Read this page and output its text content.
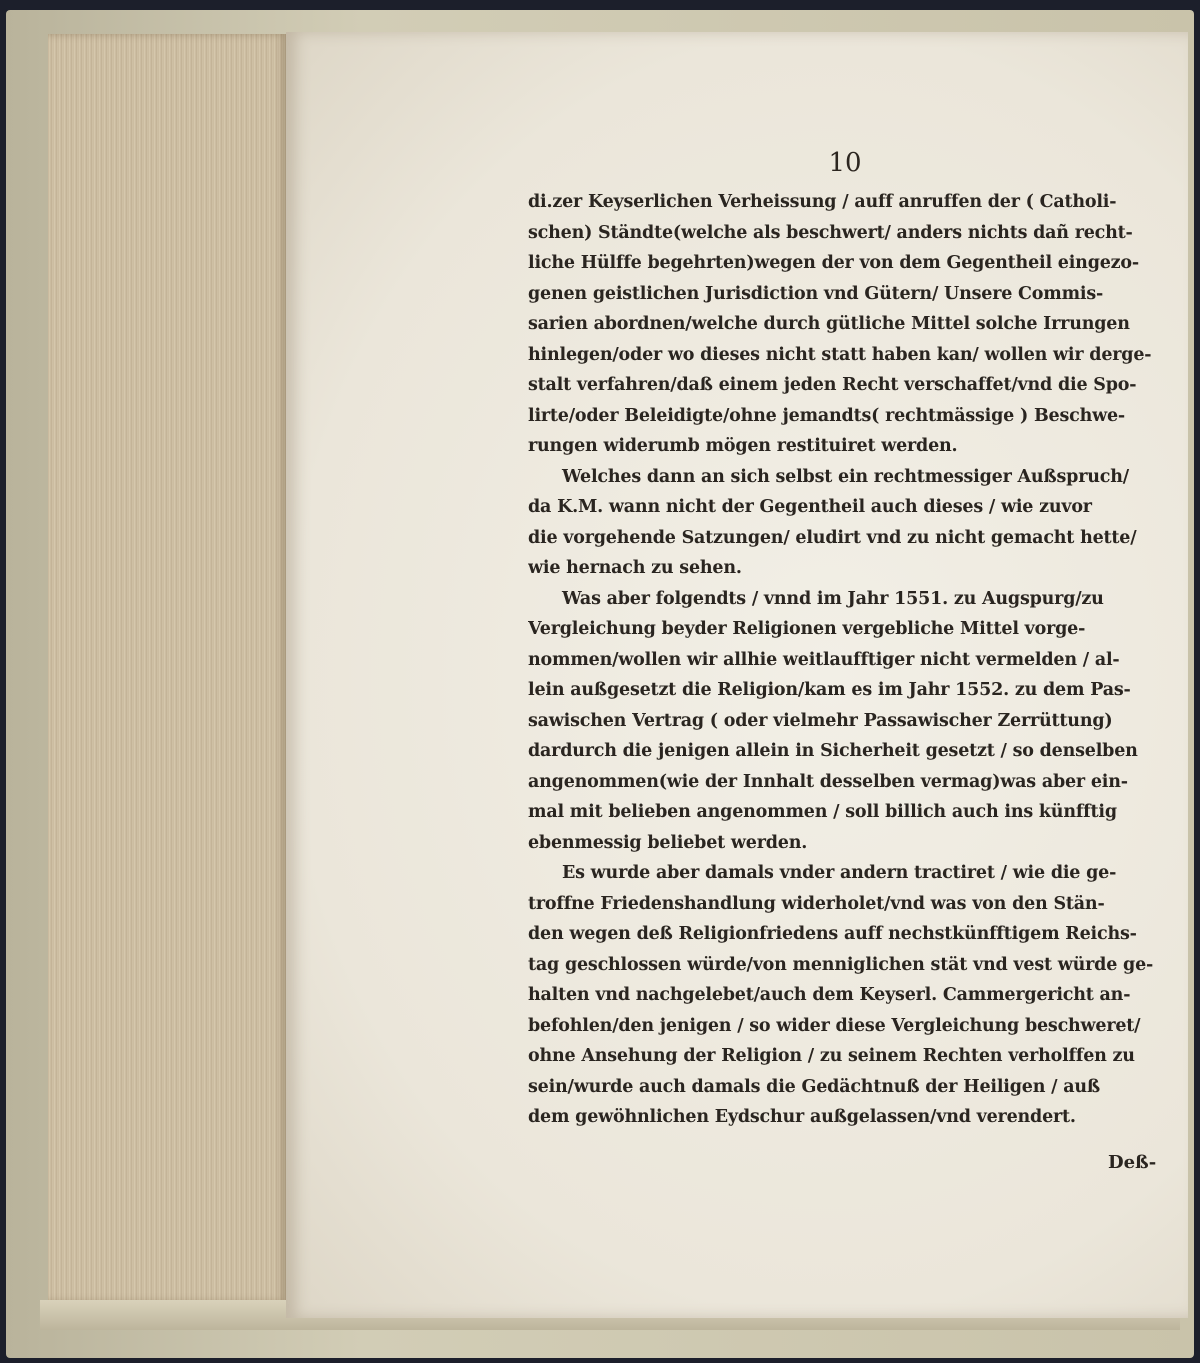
10
di.zer Keyserlichen Verheissung / auff anruffen der ( Catholi-
schen) Ständte(welche als beschwert/ anders nichts dañ recht-
liche Hülffe begehrten)wegen der von dem Gegentheil eingezo-
genen geistlichen Jurisdiction vnd Gütern/ Unsere Commis-
sarien abordnen/welche durch gütliche Mittel solche Irrungen
hinlegen/oder wo dieses nicht statt haben kan/ wollen wir derge-
stalt verfahren/daß einem jeden Recht verschaffet/vnd die Spo-
lirte/oder Beleidigte/ohne jemandts( rechtmässige ) Beschwe-
rungen widerumb mögen restituiret werden.
Welches dann an sich selbst ein rechtmessiger Außspruch/
da K.M. wann nicht der Gegentheil auch dieses / wie zuvor
die vorgehende Satzungen/ eludirt vnd zu nicht gemacht hette/
wie hernach zu sehen.
Was aber folgendts / vnnd im Jahr 1551. zu Augspurg/zu
Vergleichung beyder Religionen vergebliche Mittel vorge-
nommen/wollen wir allhie weitlaufftiger nicht vermelden / al-
lein außgesetzt die Religion/kam es im Jahr 1552. zu dem Pas-
sawischen Vertrag ( oder vielmehr Passawischer Zerrüttung)
dardurch die jenigen allein in Sicherheit gesetzt / so denselben
angenommen(wie der Innhalt desselben vermag)was aber ein-
mal mit belieben angenommen / soll billich auch ins künfftig
ebenmessig beliebet werden.
Es wurde aber damals vnder andern tractiret / wie die ge-
troffne Friedenshandlung widerholet/vnd was von den Stän-
den wegen deß Religionfriedens auff nechstkünfftigem Reichs-
tag geschlossen würde/von menniglichen stät vnd vest würde ge-
halten vnd nachgelebet/auch dem Keyserl. Cammergericht an-
befohlen/den jenigen / so wider diese Vergleichung beschweret/
ohne Ansehung der Religion / zu seinem Rechten verholffen zu
sein/wurde auch damals die Gedächtnuß der Heiligen / auß
dem gewöhnlichen Eydschur außgelassen/vnd verendert.
Deß-
